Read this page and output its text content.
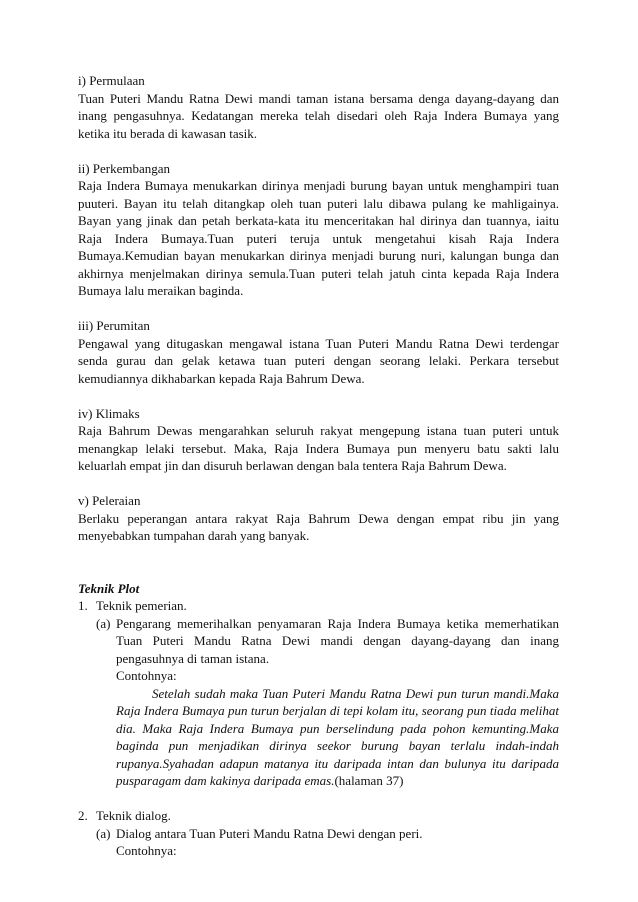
i) Permulaan
Tuan Puteri Mandu Ratna Dewi mandi taman istana bersama denga dayang-dayang dan inang pengasuhnya. Kedatangan mereka telah disedari oleh Raja Indera Bumaya yang ketika itu berada di kawasan tasik.
ii) Perkembangan
Raja Indera Bumaya menukarkan dirinya menjadi burung bayan untuk menghampiri tuan puuteri. Bayan itu telah ditangkap oleh tuan puteri lalu dibawa pulang ke mahligainya. Bayan yang jinak dan petah berkata-kata itu menceritakan hal dirinya dan tuannya, iaitu Raja Indera Bumaya.Tuan puteri teruja untuk mengetahui kisah Raja Indera Bumaya.Kemudian bayan menukarkan dirinya menjadi burung nuri, kalungan bunga dan akhirnya menjelmakan dirinya semula.Tuan puteri telah jatuh cinta kepada Raja Indera Bumaya lalu meraikan baginda.
iii) Perumitan
Pengawal yang ditugaskan mengawal istana Tuan Puteri Mandu Ratna Dewi terdengar senda gurau dan gelak ketawa tuan puteri dengan seorang lelaki. Perkara tersebut kemudiannya dikhabarkan kepada Raja Bahrum Dewa.
iv) Klimaks
Raja Bahrum Dewas mengarahkan seluruh rakyat mengepung istana tuan puteri untuk menangkap lelaki tersebut. Maka, Raja Indera Bumaya pun menyeru batu sakti lalu keluarlah empat jin dan disuruh berlawan dengan bala tentera Raja Bahrum Dewa.
v) Peleraian
Berlaku peperangan antara rakyat Raja Bahrum Dewa dengan empat ribu jin yang menyebabkan tumpahan darah yang banyak.
Teknik Plot
1. Teknik pemerian.
(a) Pengarang memerihalkan penyamaran Raja Indera Bumaya ketika memerhatikan Tuan Puteri Mandu Ratna Dewi mandi dengan dayang-dayang dan inang pengasuhnya di taman istana.
Contohnya:
Setelah sudah maka Tuan Puteri Mandu Ratna Dewi pun turun mandi.Maka Raja Indera Bumaya pun turun berjalan di tepi kolam itu, seorang pun tiada melihat dia. Maka Raja Indera Bumaya pun berselindung pada pohon kemunting.Maka baginda pun menjadikan dirinya seekor burung bayan terlalu indah-indah rupanya.Syahadan adapun matanya itu daripada intan dan bulunya itu daripada pusparagam dam kakinya daripada emas.(halaman 37)
2. Teknik dialog.
(a) Dialog antara Tuan Puteri Mandu Ratna Dewi dengan peri.
Contohnya:
